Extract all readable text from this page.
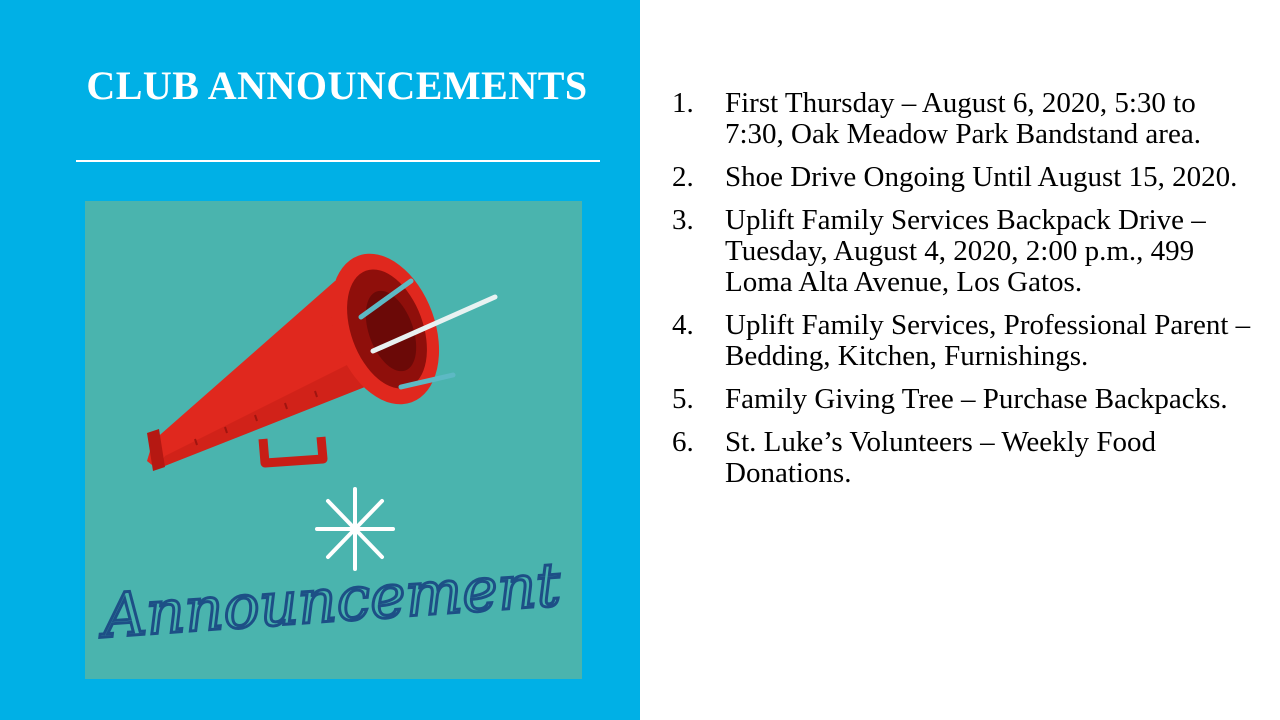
CLUB ANNOUNCEMENTS
Announcement
1.	First Thursday – August 6, 2020, 5:30 to 7:30, Oak Meadow Park Bandstand area.
2.	Shoe Drive Ongoing Until August 15, 2020.
3.	Uplift Family Services Backpack Drive – Tuesday, August 4, 2020, 2:00 p.m., 499 Loma Alta Avenue, Los Gatos.
4.	Uplift Family Services, Professional Parent – Bedding, Kitchen, Furnishings.
5.	Family Giving Tree – Purchase Backpacks.
6.	St. Luke’s Volunteers – Weekly Food Donations.
